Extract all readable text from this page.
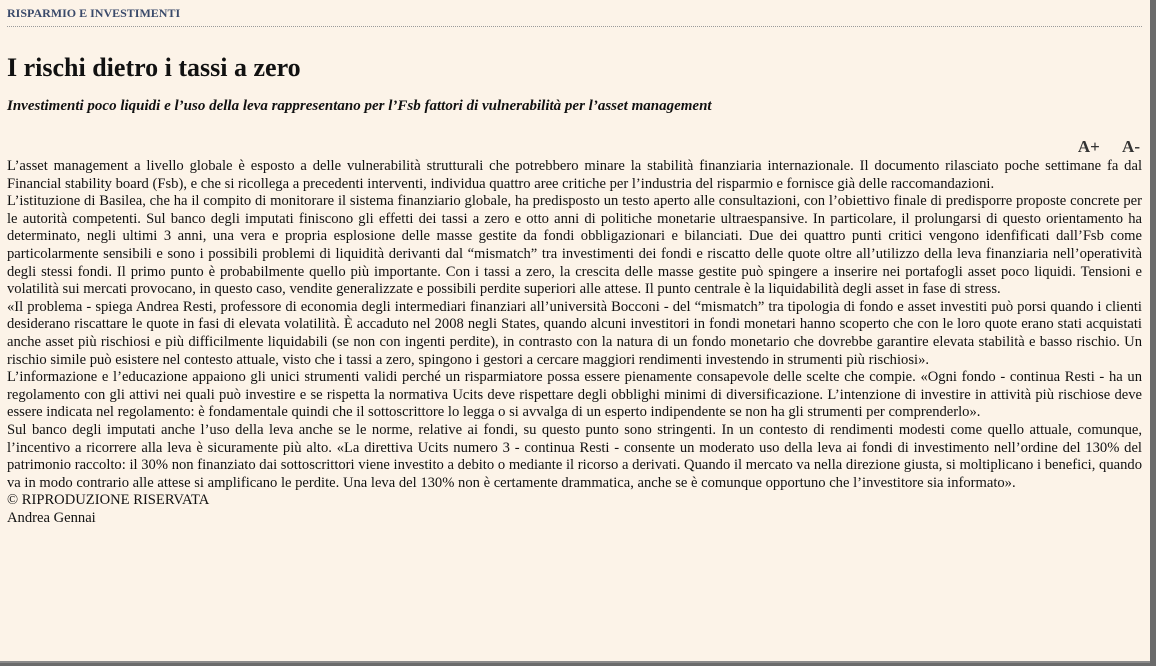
RISPARMIO E INVESTIMENTI
I rischi dietro i tassi a zero
Investimenti poco liquidi e l’uso della leva rappresentano per l’Fsb fattori di vulnerabilità per l’asset management
A+ A-

L’asset management a livello globale è esposto a delle vulnerabilità strutturali che potrebbero minare la stabilità finanziaria internazionale. Il documento rilasciato poche settimane fa dal Financial stability board (Fsb), e che si ricollega a precedenti interventi, individua quattro aree critiche per l’industria del risparmio e fornisce già delle raccomandazioni.

L’istituzione di Basilea, che ha il compito di monitorare il sistema finanziario globale, ha predisposto un testo aperto alle consultazioni, con l’obiettivo finale di predisporre proposte concrete per le autorità competenti. Sul banco degli imputati finiscono gli effetti dei tassi a zero e otto anni di politiche monetarie ultraespansive. In particolare, il prolungarsi di questo orientamento ha determinato, negli ultimi 3 anni, una vera e propria esplosione delle masse gestite da fondi obbligazionari e bilanciati. Due dei quattro punti critici vengono idenfificati dall’Fsb come particolarmente sensibili e sono i possibili problemi di liquidità derivanti dal “mismatch” tra investimenti dei fondi e riscatto delle quote oltre all’utilizzo della leva finanziaria nell’operatività degli stessi fondi. Il primo punto è probabilmente quello più importante. Con i tassi a zero, la crescita delle masse gestite può spingere a inserire nei portafogli asset poco liquidi. Tensioni e volatilità sui mercati provocano, in questo caso, vendite generalizzate e possibili perdite superiori alle attese. Il punto centrale è la liquidabilità degli asset in fase di stress.

«Il problema - spiega Andrea Resti, professore di economia degli intermediari finanziari all’università Bocconi - del “mismatch” tra tipologia di fondo e asset investiti può porsi quando i clienti desiderano riscattare le quote in fasi di elevata volatilità. È accaduto nel 2008 negli States, quando alcuni investitori in fondi monetari hanno scoperto che con le loro quote erano stati acquistati anche asset più rischiosi e più difficilmente liquidabili (se non con ingenti perdite), in contrasto con la natura di un fondo monetario che dovrebbe garantire elevata stabilità e basso rischio. Un rischio simile può esistere nel contesto attuale, visto che i tassi a zero, spingono i gestori a cercare maggiori rendimenti investendo in strumenti più rischiosi».

L’informazione e l’educazione appaiono gli unici strumenti validi perché un risparmiatore possa essere pienamente consapevole delle scelte che compie. «Ogni fondo - continua Resti - ha un regolamento con gli attivi nei quali può investire e se rispetta la normativa Ucits deve rispettare degli obblighi minimi di diversificazione. L’intenzione di investire in attività più rischiose deve essere indicata nel regolamento: è fondamentale quindi che il sottoscrittore lo legga o si avvalga di un esperto indipendente se non ha gli strumenti per comprenderlo».

Sul banco degli imputati anche l’uso della leva anche se le norme, relative ai fondi, su questo punto sono stringenti. In un contesto di rendimenti modesti come quello attuale, comunque, l’incentivo a ricorrere alla leva è sicuramente più alto. «La direttiva Ucits numero 3 - continua Resti - consente un moderato uso della leva ai fondi di investimento nell’ordine del 130% del patrimonio raccolto: il 30% non finanziato dai sottoscrittori viene investito a debito o mediante il ricorso a derivati. Quando il mercato va nella direzione giusta, si moltiplicano i benefici, quando va in modo contrario alle attese si amplificano le perdite. Una leva del 130% non è certamente drammatica, anche se è comunque opportuno che l’investitore sia informato».

© RIPRODUZIONE RISERVATA

Andrea Gennai
